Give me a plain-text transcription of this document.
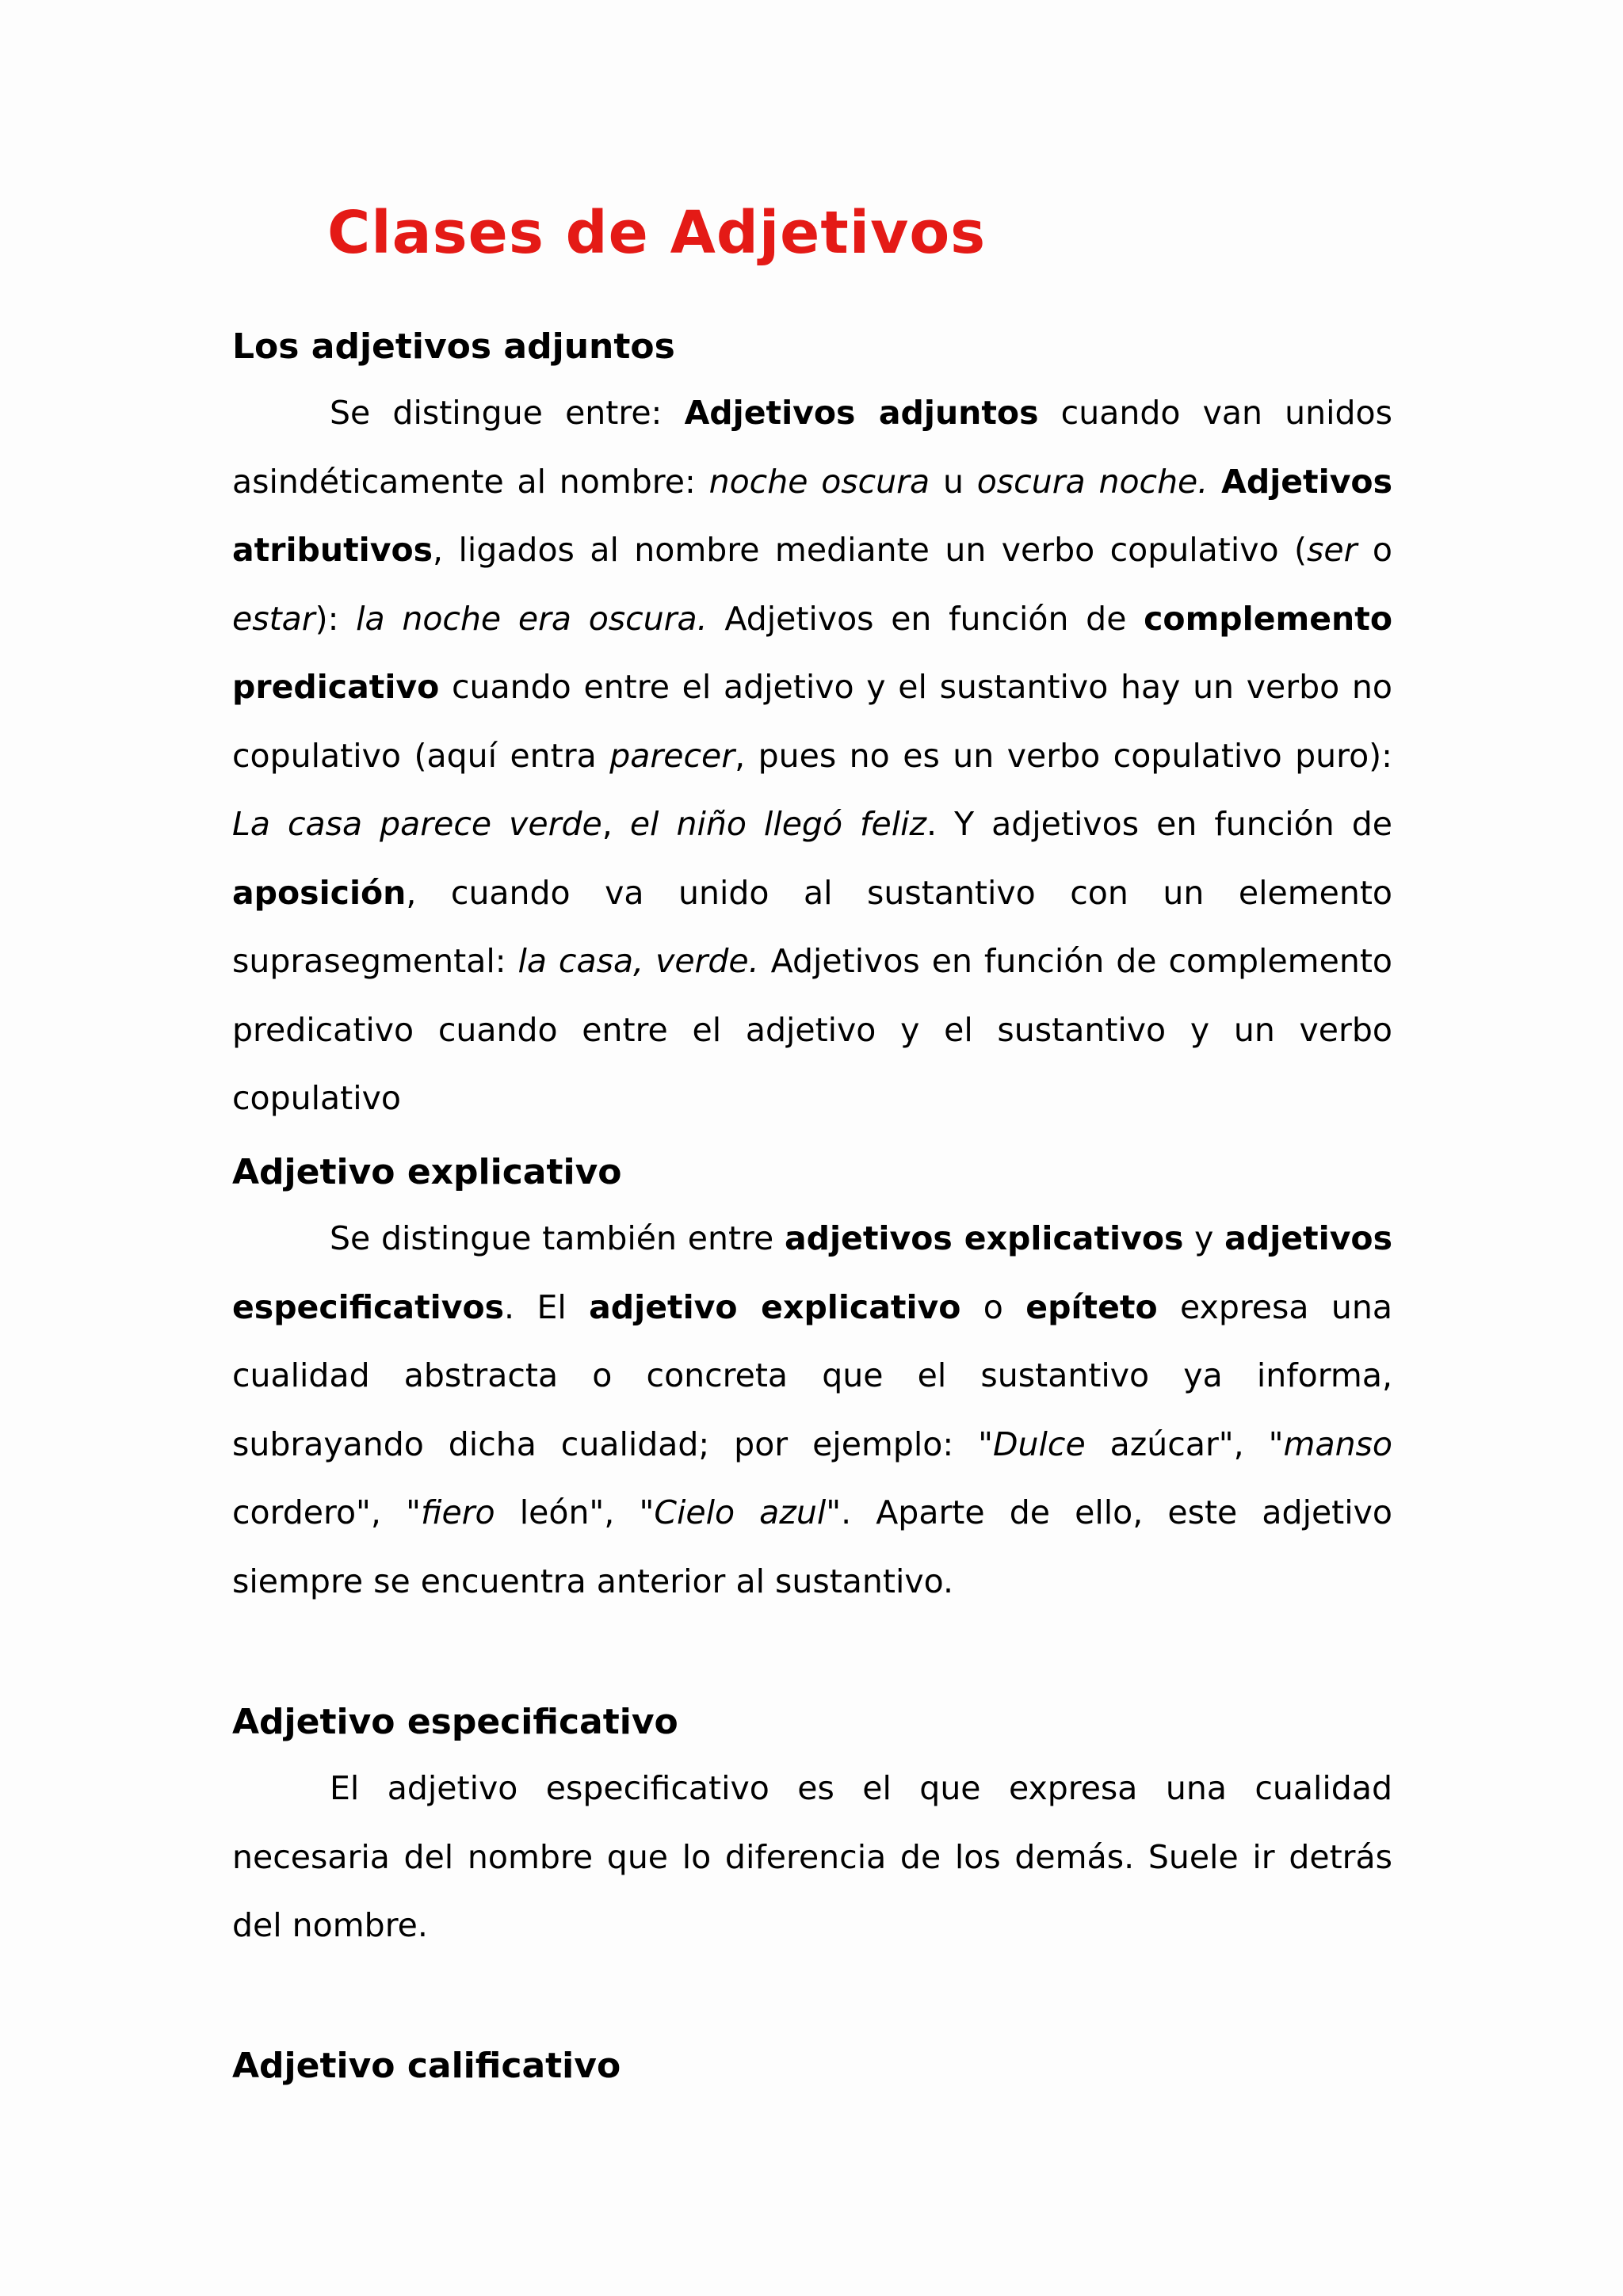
Clases de Adjetivos
Los adjetivos adjuntos

Se distingue entre: Adjetivos adjuntos cuando van unidos asindéticamente al nombre: noche oscura u oscura noche. Adjetivos atributivos, ligados al nombre mediante un verbo copulativo (ser o estar): la noche era oscura. Adjetivos en función de complemento predicativo cuando entre el adjetivo y el sustantivo hay un verbo no copulativo (aquí entra parecer, pues no es un verbo copulativo puro): La casa parece verde, el niño llegó feliz. Y adjetivos en función de aposición, cuando va unido al sustantivo con un elemento suprasegmental: la casa, verde. Adjetivos en función de complemento predicativo cuando entre el adjetivo y el sustantivo y un verbo copulativo

Adjetivo explicativo

Se distingue también entre adjetivos explicativos y adjetivos especificativos. El adjetivo explicativo o epíteto expresa una cualidad abstracta o concreta que el sustantivo ya informa, subrayando dicha cualidad; por ejemplo: "Dulce azúcar", "manso cordero", "fiero león", "Cielo azul". Aparte de ello, este adjetivo siempre se encuentra anterior al sustantivo.

Adjetivo especificativo

El adjetivo especificativo es el que expresa una cualidad necesaria del nombre que lo diferencia de los demás. Suele ir detrás del nombre.

Adjetivo calificativo
